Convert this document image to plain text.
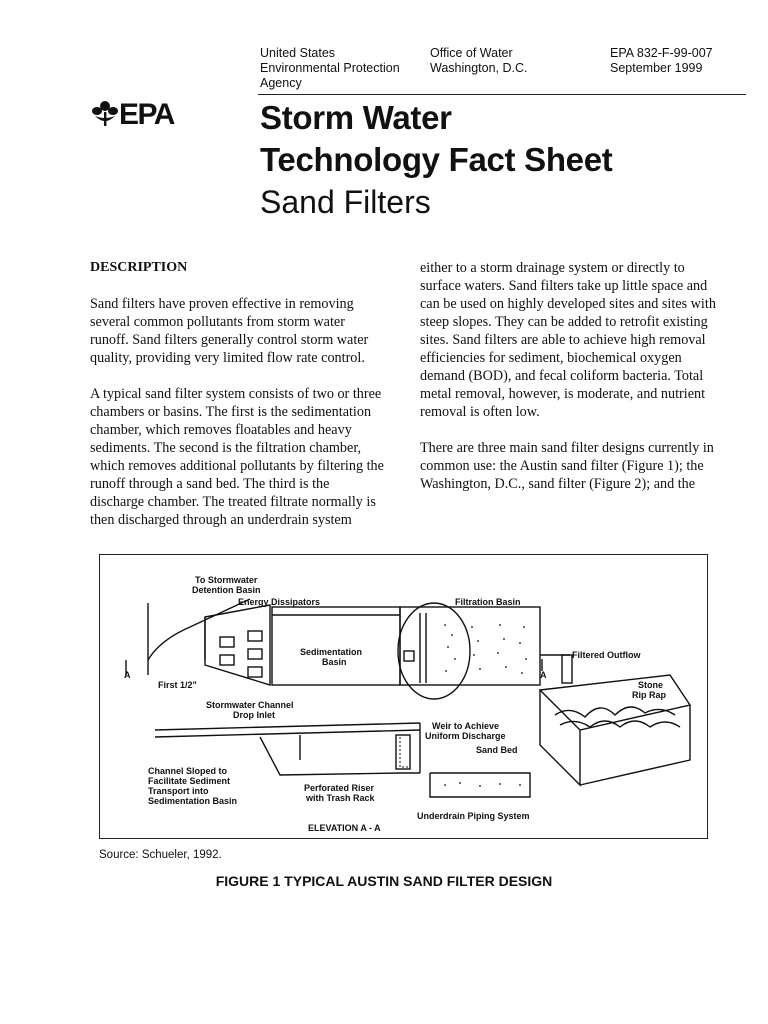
United States
Environmental Protection
Agency
Office of Water
Washington, D.C.
EPA 832-F-99-007
September 1999
EPA	Storm Water
Technology Fact Sheet
Sand Filters

DESCRIPTION

Sand filters have proven effective in removing

several common pollutants from storm water

runoff. Sand filters generally control storm water

quality, providing very limited flow rate control.

A typical sand filter system consists of two or three

chambers or basins. The first is the sedimentation

chamber, which removes floatables and heavy

sediments. The second is the filtration chamber,

which removes additional pollutants by filtering the

runoff through a sand bed. The third is the

discharge chamber. The treated filtrate normally is

then discharged through an underdrain system

either to a storm drainage system or directly to

surface waters. Sand filters take up little space and

can be used on highly developed sites and sites with

steep slopes. They can be added to retrofit existing

sites. Sand filters are able to achieve high removal

efficiencies for sediment, biochemical oxygen

demand (BOD), and fecal coliform bacteria. Total

metal removal, however, is moderate, and nutrient

removal is often low.

There are three main sand filter designs currently in

common use: the Austin sand filter (Figure 1); the

Washington, D.C., sand filter (Figure 2); and the

To Stormwater
Detention Basin
Energy Dissipators	Filtration Basin
Sedimentation
Basin
Filtered Outflow
A	A
First 1/2"	Stone
Rip Rap
Stormwater Channel
Drop Inlet
Weir to Achieve
Uniform Discharge
Sand Bed
Channel Sloped to
Facilitate Sediment
Transport into
Sedimentation Basin
Perforated Riser
with Trash Rack
Underdrain Piping System
ELEVATION A - A
Source: Schueler, 1992.
FIGURE 1 TYPICAL AUSTIN SAND FILTER DESIGN
